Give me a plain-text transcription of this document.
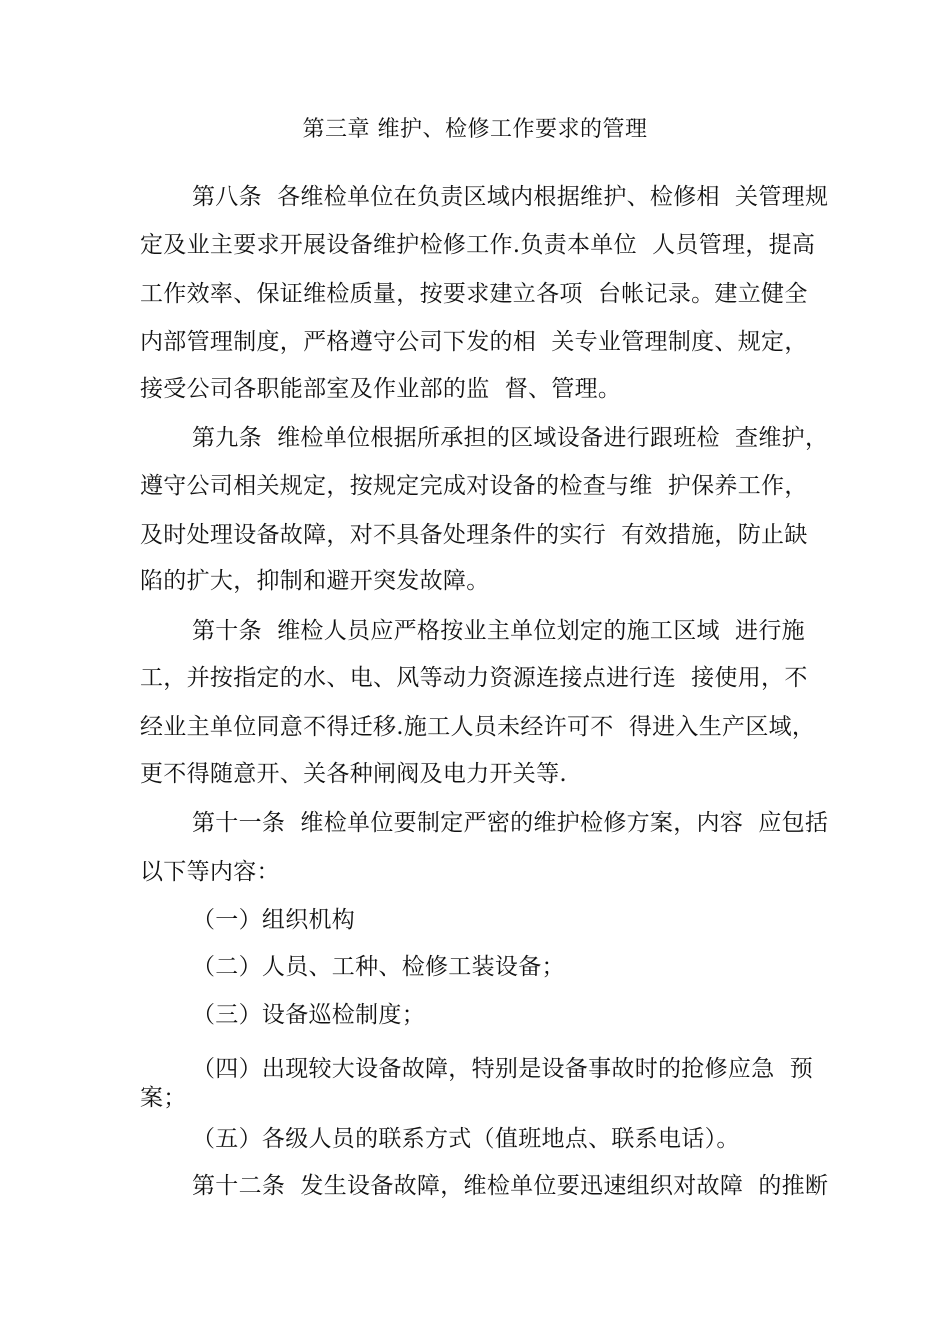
第三章 维护、检修工作要求的管理
第八条  各维检单位在负责区域内根据维护、检修相  关管理规
定及业主要求开展设备维护检修工作.负责本单位  人员管理，提高
工作效率、保证维检质量，按要求建立各项  台帐记录。建立健全
内部管理制度，严格遵守公司下发的相  关专业管理制度、规定，
接受公司各职能部室及作业部的监  督、管理。
第九条  维检单位根据所承担的区域设备进行跟班检  查维护，
遵守公司相关规定，按规定完成对设备的检查与维  护保养工作，
及时处理设备故障，对不具备处理条件的实行  有效措施，防止缺
陷的扩大，抑制和避开突发故障。
第十条  维检人员应严格按业主单位划定的施工区域  进行施
工，并按指定的水、电、风等动力资源连接点进行连  接使用，不
经业主单位同意不得迁移.施工人员未经许可不  得进入生产区域，
更不得随意开、关各种闸阀及电力开关等.
第十一条  维检单位要制定严密的维护检修方案，内容  应包括
以下等内容：
（一）组织机构
（二）人员、工种、检修工装设备；
（三）设备巡检制度；
（四）出现较大设备故障，特别是设备事故时的抢修应急  预
案；
（五）各级人员的联系方式（值班地点、联系电话）。
第十二条  发生设备故障，维检单位要迅速组织对故障  的推断
